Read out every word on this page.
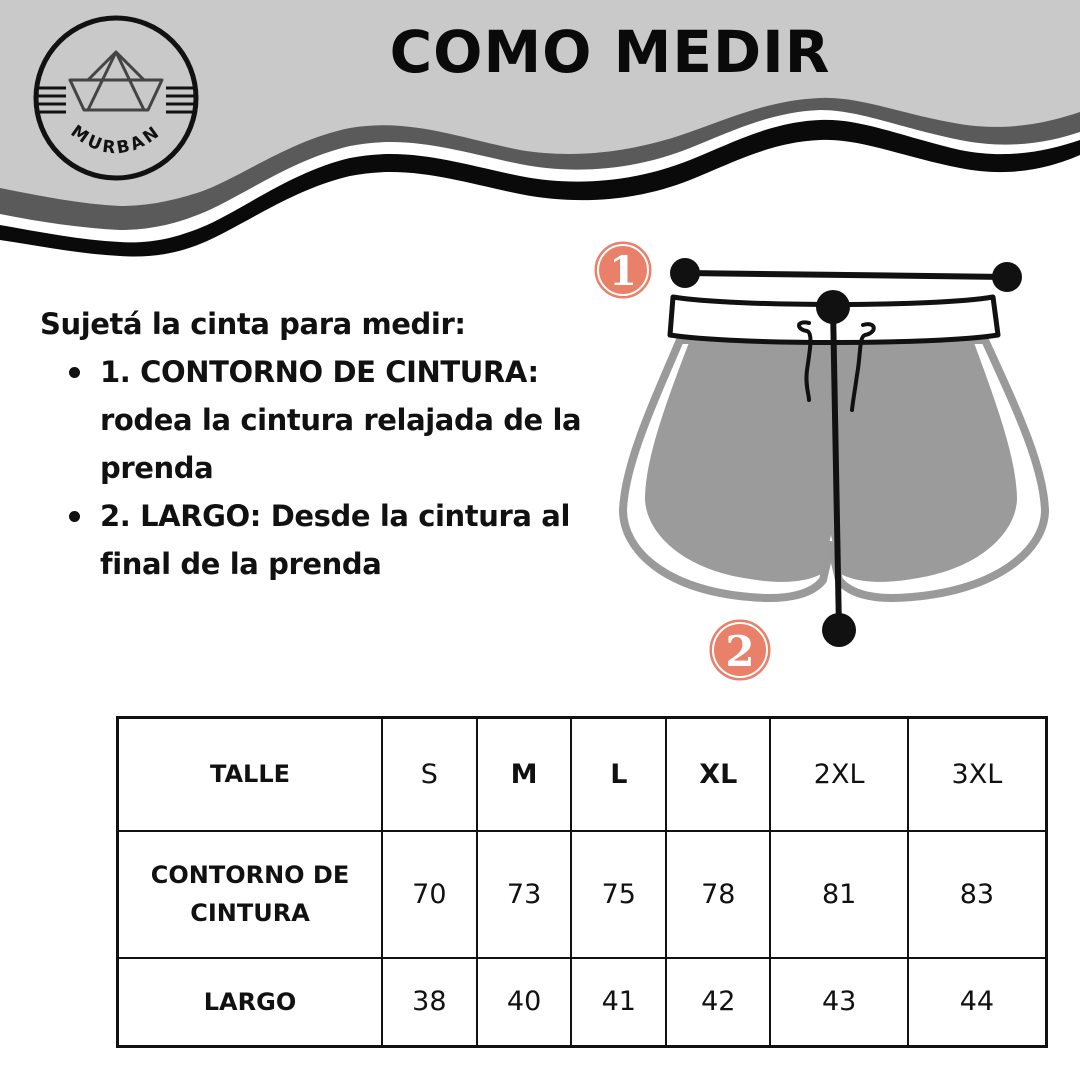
COMO MEDIR
MURBAN

Sujetá la cinta para medir:

1. CONTORNO DE CINTURA: rodea la cintura relajada de la prenda
2. LARGO: Desde la cintura al final de la prenda
1
2
TALLE	S	M	L	XL	2XL	3XL
CONTORNO DE CINTURA	70	73	75	78	81	83
LARGO	38	40	41	42	43	44
